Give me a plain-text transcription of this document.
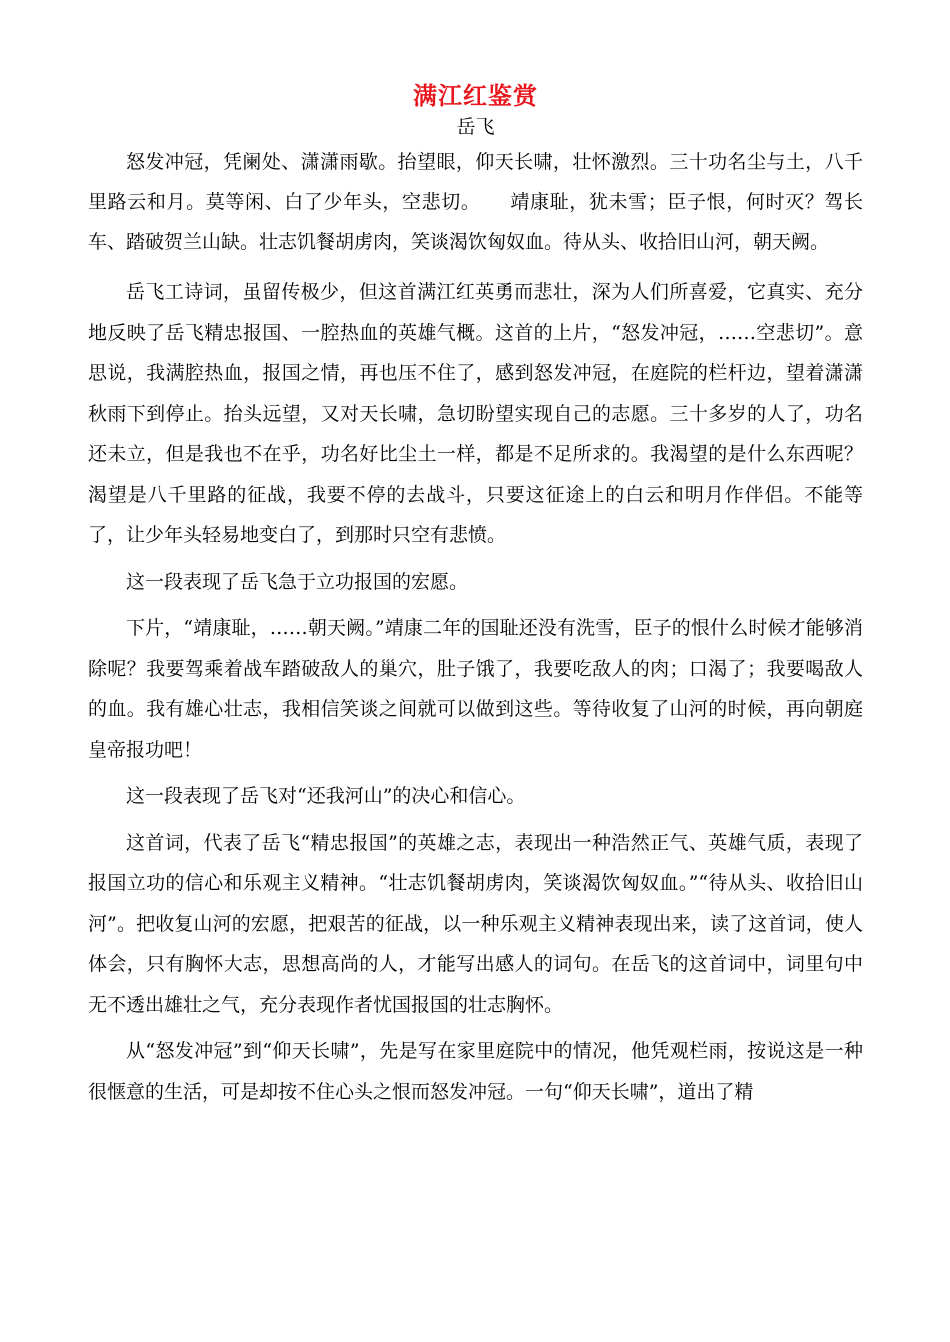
满江红鉴赏
岳飞

怒发冲冠，凭阑处、潇潇雨歇。抬望眼，仰天长啸，壮怀激烈。三十功名尘与土，八千里路云和月。莫等闲、白了少年头，空悲切。　　靖康耻，犹未雪；臣子恨，何时灭？驾长车、踏破贺兰山缺。壮志饥餐胡虏肉，笑谈渴饮匈奴血。待从头、收拾旧山河，朝天阙。

岳飞工诗词，虽留传极少，但这首满江红英勇而悲壮，深为人们所喜爱，它真实、充分地反映了岳飞精忠报国、一腔热血的英雄气概。这首的上片，“怒发冲冠，……空悲切”。意思说，我满腔热血，报国之情，再也压不住了，感到怒发冲冠，在庭院的栏杆边，望着潇潇秋雨下到停止。抬头远望，又对天长啸，急切盼望实现自己的志愿。三十多岁的人了，功名还未立，但是我也不在乎，功名好比尘土一样，都是不足所求的。我渴望的是什么东西呢？渴望是八千里路的征战，我要不停的去战斗，只要这征途上的白云和明月作伴侣。不能等了，让少年头轻易地变白了，到那时只空有悲愤。

这一段表现了岳飞急于立功报国的宏愿。

下片，“靖康耻，……朝天阙。”靖康二年的国耻还没有洗雪，臣子的恨什么时候才能够消除呢？我要驾乘着战车踏破敌人的巢穴，肚子饿了，我要吃敌人的肉；口渴了；我要喝敌人的血。我有雄心壮志，我相信笑谈之间就可以做到这些。等待收复了山河的时候，再向朝庭皇帝报功吧！

这一段表现了岳飞对“还我河山”的决心和信心。

这首词，代表了岳飞“精忠报国”的英雄之志，表现出一种浩然正气、英雄气质，表现了报国立功的信心和乐观主义精神。“壮志饥餐胡虏肉，笑谈渴饮匈奴血。”“待从头、收拾旧山河”。把收复山河的宏愿，把艰苦的征战，以一种乐观主义精神表现出来，读了这首词，使人体会，只有胸怀大志，思想高尚的人，才能写出感人的词句。在岳飞的这首词中，词里句中无不透出雄壮之气，充分表现作者忧国报国的壮志胸怀。

从“怒发冲冠”到“仰天长啸”，先是写在家里庭院中的情况，他凭观栏雨，按说这是一种很惬意的生活，可是却按不住心头之恨而怒发冲冠。一句“仰天长啸”，道出了精
